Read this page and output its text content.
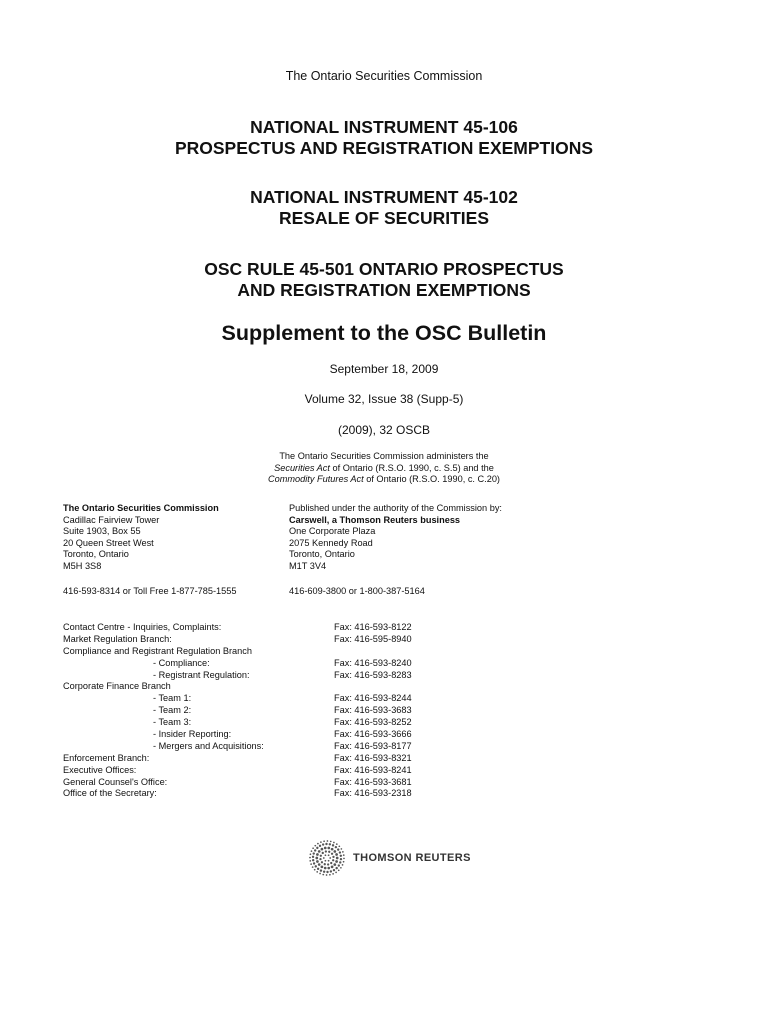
The Ontario Securities Commission
NATIONAL INSTRUMENT 45-106
PROSPECTUS AND REGISTRATION EXEMPTIONS
NATIONAL INSTRUMENT 45-102
RESALE OF SECURITIES
OSC RULE 45-501 ONTARIO PROSPECTUS
AND REGISTRATION EXEMPTIONS
Supplement to the OSC Bulletin
September 18, 2009
Volume 32, Issue 38 (Supp-5)
(2009), 32 OSCB
The Ontario Securities Commission administers the
Securities Act of Ontario (R.S.O. 1990, c. S.5) and the
Commodity Futures Act of Ontario (R.S.O. 1990, c. C.20)
The Ontario Securities Commission
Cadillac Fairview Tower
Suite 1903, Box 55
20 Queen Street West
Toronto, Ontario
M5H 3S8
Published under the authority of the Commission by:
Carswell, a Thomson Reuters business
One Corporate Plaza
2075 Kennedy Road
Toronto, Ontario
M1T 3V4
416-593-8314 or Toll Free 1-877-785-1555	416-609-3800 or 1-800-387-5164
Contact Centre - Inquiries, Complaints:	Fax: 416-593-8122
Market Regulation Branch:	Fax: 416-595-8940
Compliance and Registrant Regulation Branch
- Compliance:	Fax: 416-593-8240
- Registrant Regulation:	Fax: 416-593-8283
Corporate Finance Branch
- Team 1:	Fax: 416-593-8244
- Team 2:	Fax: 416-593-3683
- Team 3:	Fax: 416-593-8252
- Insider Reporting:	Fax: 416-593-3666
- Mergers and Acquisitions:	Fax: 416-593-8177
Enforcement Branch:	Fax: 416-593-8321
Executive Offices:	Fax: 416-593-8241
General Counsel's Office:	Fax: 416-593-3681
Office of the Secretary:	Fax: 416-593-2318
THOMSON REUTERS
